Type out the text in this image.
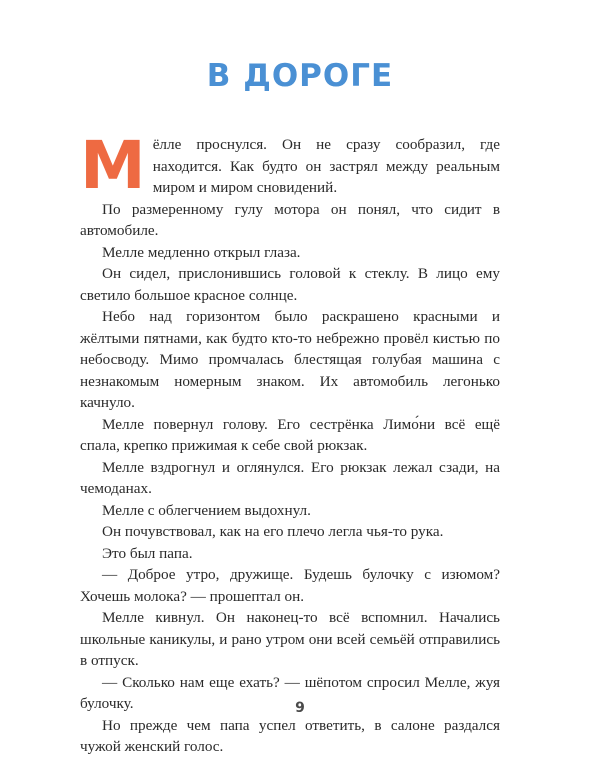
В ДОРОГЕ

Мёлле проснулся. Он не сразу сообразил, где находится. Как будто он застрял между реальным миром и миром сновидений.

По размеренному гулу мотора он понял, что сидит в автомобиле.

Мелле медленно открыл глаза.

Он сидел, прислонившись головой к стеклу. В лицо ему светило большое красное солнце.

Небо над горизонтом было раскрашено красными и жёлтыми пятнами, как будто кто-то небрежно провёл кистью по небосводу. Мимо промчалась блестящая голубая машина с незнакомым номерным знаком. Их автомобиль легонько качнуло.

Мелле повернул голову. Его сестрёнка Лимо́ни всё ещё спала, крепко прижимая к себе свой рюкзак.

Мелле вздрогнул и оглянулся. Его рюкзак лежал сзади, на чемоданах.

Мелле с облегчением выдохнул.

Он почувствовал, как на его плечо легла чья-то рука.

Это был папа.

— Доброе утро, дружище. Будешь булочку с изюмом? Хочешь молока? — прошептал он.

Мелле кивнул. Он наконец-то всё вспомнил. Начались школьные каникулы, и рано утром они всей семьёй отправились в отпуск.

— Сколько нам еще ехать? — шёпотом спросил Мелле, жуя булочку.

Но прежде чем папа успел ответить, в салоне раздался чужой женский голос.

9
